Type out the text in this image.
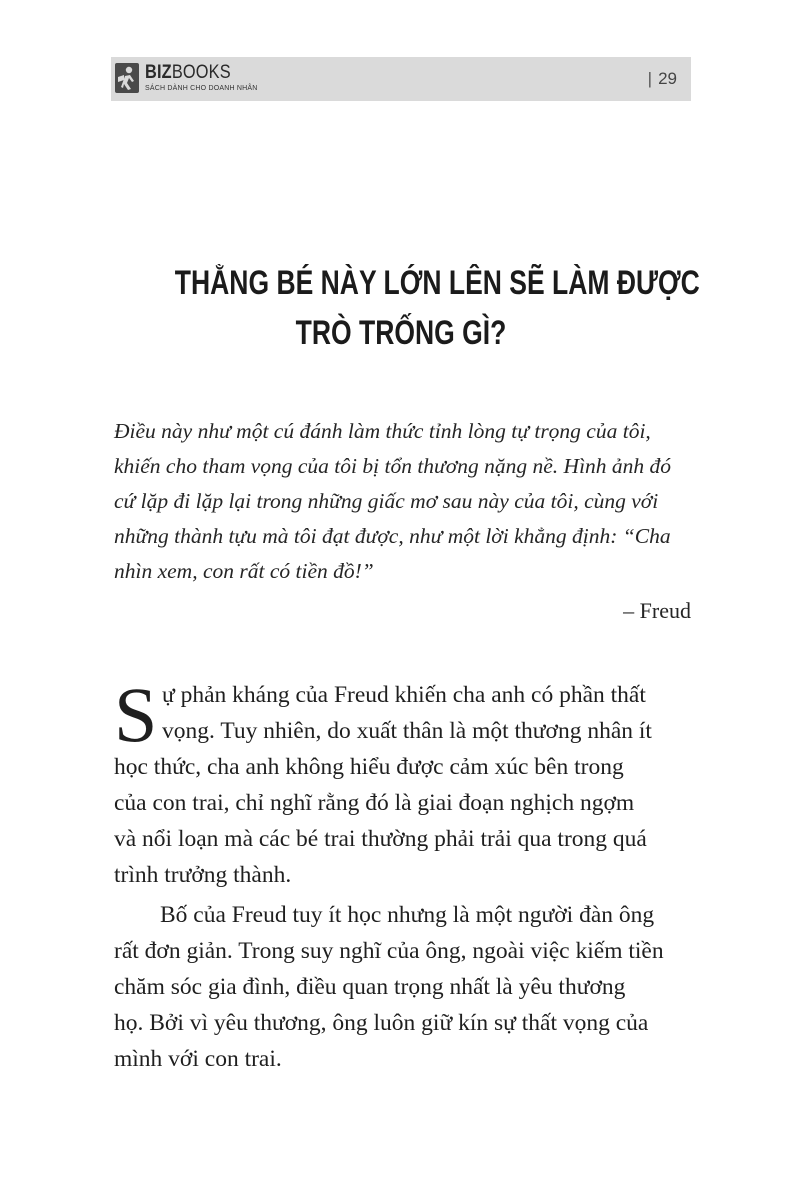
BIZBOOKS
SÁCH DÀNH CHO DOANH NHÂN
| 29
THẰNG BÉ NÀY LỚN LÊN SẼ LÀM ĐƯỢC
TRÒ TRỐNG GÌ?
Điều này như một cú đánh làm thức tỉnh lòng tự trọng của tôi,
khiến cho tham vọng của tôi bị tổn thương nặng nề. Hình ảnh đó
cứ lặp đi lặp lại trong những giấc mơ sau này của tôi, cùng với
những thành tựu mà tôi đạt được, như một lời khẳng định: “Cha
nhìn xem, con rất có tiền đồ!”
– Freud
S ự phản kháng của Freud khiến cha anh có phần thất
vọng. Tuy nhiên, do xuất thân là một thương nhân ít
học thức, cha anh không hiểu được cảm xúc bên trong
của con trai, chỉ nghĩ rằng đó là giai đoạn nghịch ngợm
và nổi loạn mà các bé trai thường phải trải qua trong quá
trình trưởng thành.
Bố của Freud tuy ít học nhưng là một người đàn ông
rất đơn giản. Trong suy nghĩ của ông, ngoài việc kiếm tiền
chăm sóc gia đình, điều quan trọng nhất là yêu thương
họ. Bởi vì yêu thương, ông luôn giữ kín sự thất vọng của
mình với con trai.
